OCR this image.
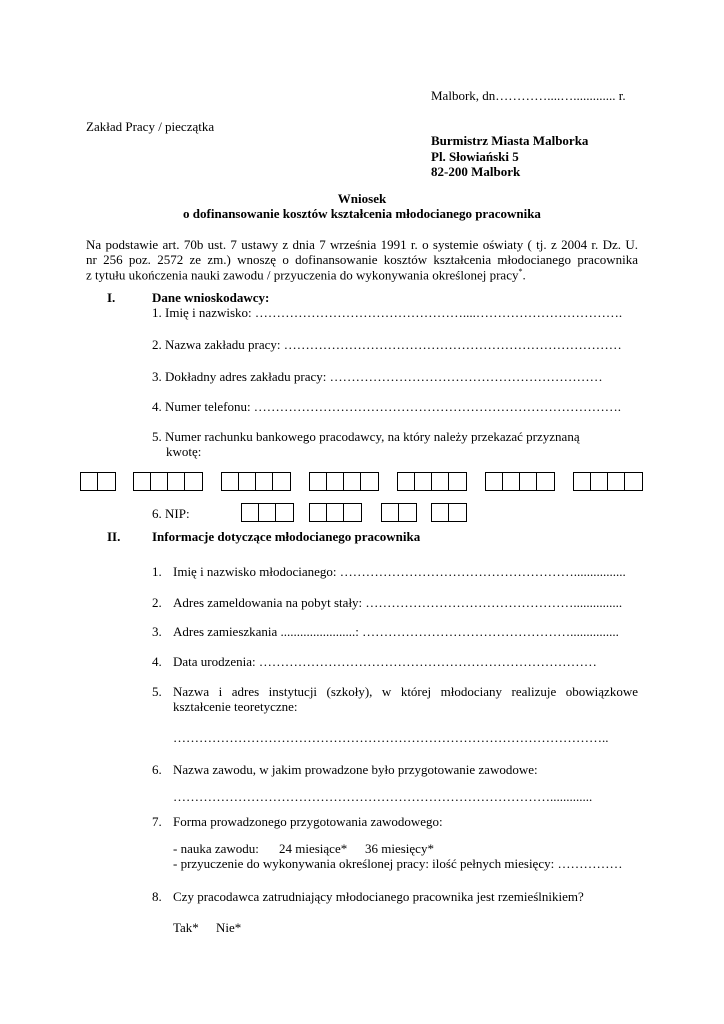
Malbork, dn…………....…............. r.
Zakład Pracy / pieczątka
Burmistrz Miasta Malborka
Pl. Słowiański 5
82-200 Malbork
Wniosek
o dofinansowanie kosztów kształcenia młodocianego pracownika
Na podstawie art. 70b ust. 7 ustawy z dnia 7 września 1991 r. o systemie oświaty ( tj. z 2004 r. Dz. U.
nr 256 poz. 2572 ze zm.) wnoszę o dofinansowanie kosztów kształcenia młodocianego pracownika
z tytułu ukończenia nauki zawodu / przyuczenia do wykonywania określonej pracy*.
I.	Dane wnioskodawcy:
1. Imię i nazwisko: …………………………………………....…………………………….
2. Nazwa zakładu pracy: ……………………………………………………………………
3. Dokładny adres zakładu pracy: ………………………………………………………
4. Numer telefonu: ………………………………………………………………………….
5. Numer rachunku bankowego pracodawcy, na który należy przekazać przyznaną
kwotę:
6. NIP:
II. Informacje dotyczące młodocianego pracownika
1. Imię i nazwisko młodocianego: ………………………………………………................
2. Adres zameldowania na pobyt stały: …………………………………………...............
3. Adres zamieszkania .......................: …………………………………………...............
4. Data urodzenia: ……………………………………………………………………
5. Nazwa i adres instytucji (szkoły), w której młodociany realizuje obowiązkowe
kształcenie teoretyczne:
………………………………………………………………………………………..
6. Nazwa zawodu, w jakim prowadzone było przygotowanie zawodowe:
…………………………………………………………………………….............
7. Forma prowadzonego przygotowania zawodowego:
- nauka zawodu: 24 miesiące* 36 miesięcy*
- przyuczenie do wykonywania określonej pracy: ilość pełnych miesięcy: ……………
8. Czy pracodawca zatrudniający młodocianego pracownika jest rzemieślnikiem?
Tak* Nie*
